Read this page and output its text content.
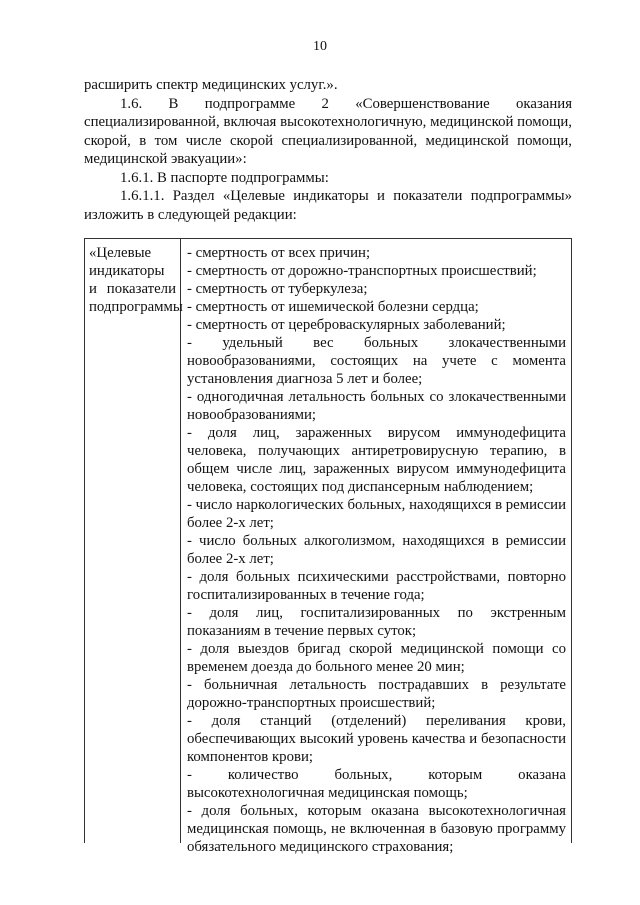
10

расширить спектр медицинских услуг.».

1.6. В подпрограмме 2 «Совершенствование оказания специализированной, включая высокотехнологичную, медицинской помощи, скорой, в том числе скорой специализированной, медицинской помощи, медицинской эвакуации»:

1.6.1. В паспорте подпрограммы:

1.6.1.1. Раздел «Целевые индикаторы и показатели подпрограммы» изложить в следующей редакции:

«Целевые индикаторы и показатели подпрограммы

- смертность от всех причин;

- смертность от дорожно-транспортных происшествий;

- смертность от туберкулеза;

- смертность от ишемической болезни сердца;

- смертность от цереброваскулярных заболеваний;

- удельный вес больных злокачественными новообразованиями, состоящих на учете с момента установления диагноза 5 лет и более;

- одногодичная летальность больных со злокачественными новообразованиями;

- доля лиц, зараженных вирусом иммунодефицита человека, получающих антиретровирусную терапию, в общем числе лиц, зараженных вирусом иммунодефицита человека, состоящих под диспансерным наблюдением;

- число наркологических больных, находящихся в ремиссии более 2-х лет;

- число больных алкоголизмом, находящихся в ремиссии более 2-х лет;

- доля больных психическими расстройствами, повторно госпитализированных в течение года;

- доля лиц, госпитализированных по экстренным показаниям в течение первых суток;

- доля выездов бригад скорой медицинской помощи со временем доезда до больного менее 20 мин;

- больничная летальность пострадавших в результате дорожно-транспортных происшествий;

- доля станций (отделений) переливания крови, обеспечивающих высокий уровень качества и безопасности компонентов крови;

- количество больных, которым оказана высокотехнологичная медицинская помощь;

- доля больных, которым оказана высокотехнологичная медицинская помощь, не включенная в базовую программу обязательного медицинского страхования;
